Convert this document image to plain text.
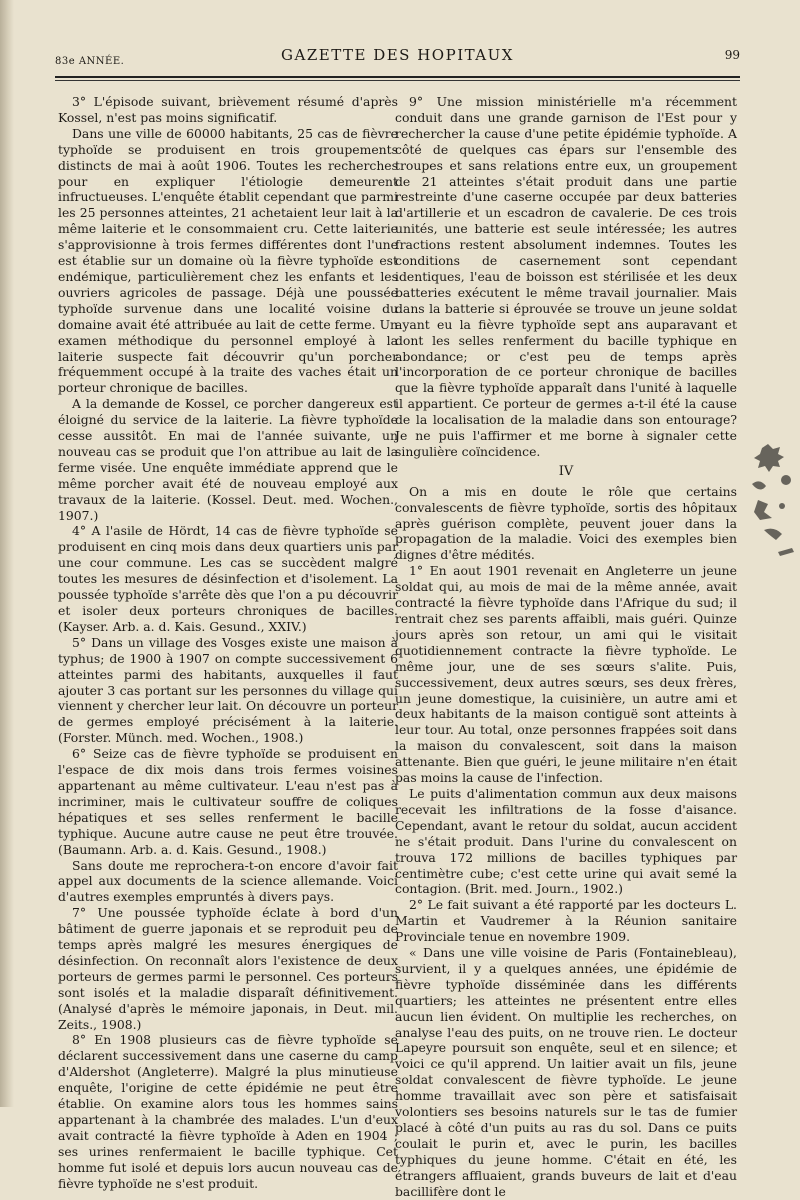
83e ANNÉE.	GAZETTE DES HOPITAUX	99

3° L'épisode suivant, brièvement résumé d'après Kossel, n'est pas moins significatif.

Dans une ville de 60000 habitants, 25 cas de fièvre typhoïde se produisent en trois groupements distincts de mai à août 1906. Toutes les recherches pour en expliquer l'étiologie demeurent infructueuses. L'enquête établit cependant que parmi les 25 personnes atteintes, 21 achetaient leur lait à la même laiterie et le consommaient cru. Cette laiterie s'approvisionne à trois fermes différentes dont l'une est établie sur un domaine où la fièvre typhoïde est endémique, particulièrement chez les enfants et les ouvriers agricoles de passage. Déjà une poussée typhoïde survenue dans une localité voisine du domaine avait été attribuée au lait de cette ferme. Un examen méthodique du personnel employé à la laiterie suspecte fait découvrir qu'un porcher fréquemment occupé à la traite des vaches était un porteur chronique de bacilles.

A la demande de Kossel, ce porcher dangereux est éloigné du service de la laiterie. La fièvre typhoïde cesse aussitôt. En mai de l'année suivante, un nouveau cas se produit que l'on attribue au lait de la ferme visée. Une enquête immédiate apprend que le même porcher avait été de nouveau employé aux travaux de la laiterie. (Kossel. Deut. med. Wochen., 1907.)

4° A l'asile de Hördt, 14 cas de fièvre typhoïde se produisent en cinq mois dans deux quartiers unis par une cour commune. Les cas se succèdent malgré toutes les mesures de désinfection et d'isolement. La poussée typhoïde s'arrête dès que l'on a pu découvrir et isoler deux porteurs chroniques de bacilles. (Kayser. Arb. a. d. Kais. Gesund., XXIV.)

5° Dans un village des Vosges existe une maison à typhus; de 1900 à 1907 on compte successivement 6 atteintes parmi des habitants, auxquelles il faut ajouter 3 cas portant sur les personnes du village qui viennent y chercher leur lait. On découvre un porteur de germes employé précisément à la laiterie. (Forster. Münch. med. Wochen., 1908.)

6° Seize cas de fièvre typhoïde se produisent en l'espace de dix mois dans trois fermes voisines appartenant au même cultivateur. L'eau n'est pas à incriminer, mais le cultivateur souffre de coliques hépatiques et ses selles renferment le bacille typhique. Aucune autre cause ne peut être trouvée. (Baumann. Arb. a. d. Kais. Gesund., 1908.)

Sans doute me reprochera-t-on encore d'avoir fait appel aux documents de la science allemande. Voici d'autres exemples empruntés à divers pays.

7° Une poussée typhoïde éclate à bord d'un bâtiment de guerre japonais et se reproduit peu de temps après malgré les mesures énergiques de désinfection. On reconnaît alors l'existence de deux porteurs de germes parmi le personnel. Ces porteurs sont isolés et la maladie disparaît définitivement. (Analysé d'après le mémoire japonais, in Deut. mil. Zeits., 1908.)

8° En 1908 plusieurs cas de fièvre typhoïde se déclarent successivement dans une caserne du camp d'Aldershot (Angleterre). Malgré la plus minutieuse enquête, l'origine de cette épidémie ne peut être établie. On examine alors tous les hommes sains appartenant à la chambrée des malades. L'un d'eux avait contracté la fièvre typhoïde à Aden en 1904 ; ses urines renfermaient le bacille typhique. Cet homme fut isolé et depuis lors aucun nouveau cas de fièvre typhoïde ne s'est produit.

9° Une mission ministérielle m'a récemment conduit dans une grande garnison de l'Est pour y rechercher la cause d'une petite épidémie typhoïde. A côté de quelques cas épars sur l'ensemble des troupes et sans relations entre eux, un groupement de 21 atteintes s'était produit dans une partie restreinte d'une caserne occupée par deux batteries d'artillerie et un escadron de cavalerie. De ces trois unités, une batterie est seule intéressée; les autres fractions restent absolument indemnes. Toutes les conditions de casernement sont cependant identiques, l'eau de boisson est stérilisée et les deux batteries exécutent le même travail journalier. Mais dans la batterie si éprouvée se trouve un jeune soldat ayant eu la fièvre typhoïde sept ans auparavant et dont les selles renferment du bacille typhique en abondance; or c'est peu de temps après l'incorporation de ce porteur chronique de bacilles que la fièvre typhoïde apparaît dans l'unité à laquelle il appartient. Ce porteur de germes a-t-il été la cause de la localisation de la maladie dans son entourage? Je ne puis l'affirmer et me borne à signaler cette singulière coïncidence.

IV

On a mis en doute le rôle que certains convalescents de fièvre typhoïde, sortis des hôpitaux après guérison complète, peuvent jouer dans la propagation de la maladie. Voici des exemples bien dignes d'être médités.

1° En aout 1901 revenait en Angleterre un jeune soldat qui, au mois de mai de la même année, avait contracté la fièvre typhoïde dans l'Afrique du sud; il rentrait chez ses parents affaibli, mais guéri. Quinze jours après son retour, un ami qui le visitait quotidiennement contracte la fièvre typhoïde. Le même jour, une de ses sœurs s'alite. Puis, successivement, deux autres sœurs, ses deux frères, un jeune domestique, la cuisinière, un autre ami et deux habitants de la maison contiguë sont atteints à leur tour. Au total, onze personnes frappées soit dans la maison du convalescent, soit dans la maison attenante. Bien que guéri, le jeune militaire n'en était pas moins la cause de l'infection.

Le puits d'alimentation commun aux deux maisons recevait les infiltrations de la fosse d'aisance. Cependant, avant le retour du soldat, aucun accident ne s'était produit. Dans l'urine du convalescent on trouva 172 millions de bacilles typhiques par centimètre cube; c'est cette urine qui avait semé la contagion. (Brit. med. Journ., 1902.)

2° Le fait suivant a été rapporté par les docteurs L. Martin et Vaudremer à la Réunion sanitaire Provinciale tenue en novembre 1909.

« Dans une ville voisine de Paris (Fontainebleau), survient, il y a quelques années, une épidémie de fièvre typhoïde disséminée dans les différents quartiers; les atteintes ne présentent entre elles aucun lien évident. On multiplie les recherches, on analyse l'eau des puits, on ne trouve rien. Le docteur Lapeyre poursuit son enquête, seul et en silence; et voici ce qu'il apprend. Un laitier avait un fils, jeune soldat convalescent de fièvre typhoïde. Le jeune homme travaillait avec son père et satisfaisait volontiers ses besoins naturels sur le tas de fumier placé à côté d'un puits au ras du sol. Dans ce puits coulait le purin et, avec le purin, les bacilles typhiques du jeune homme. C'était en été, les étrangers affluaient, grands buveurs de lait et d'eau bacillifère dont le
